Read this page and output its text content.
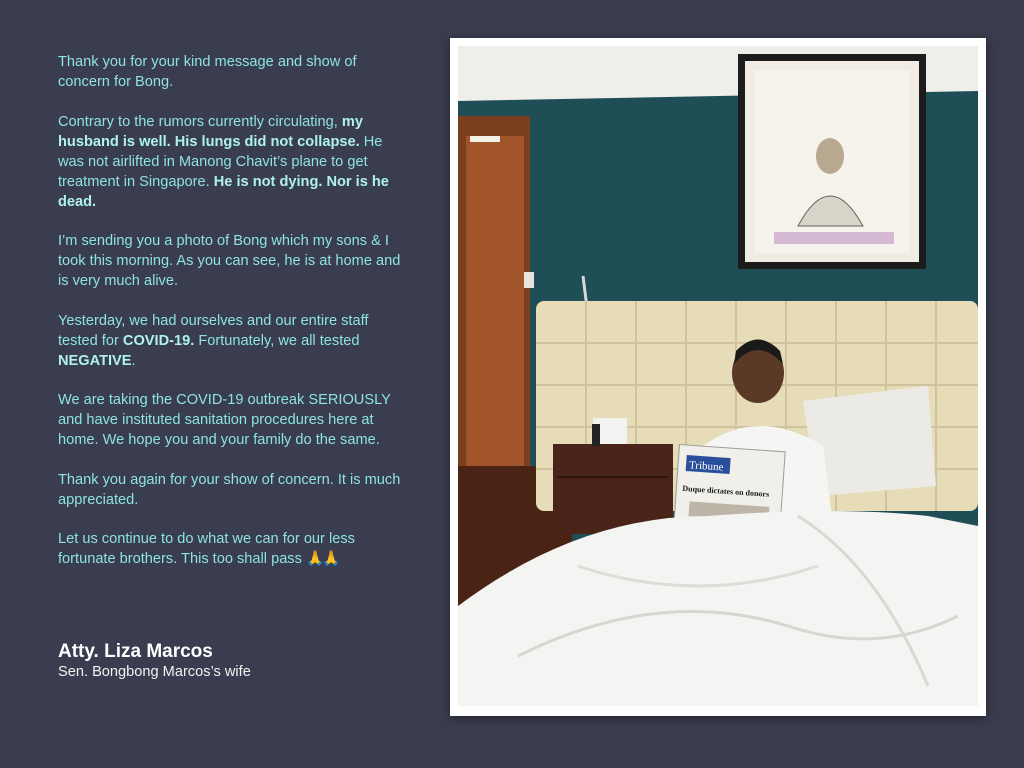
Thank you for your kind message and show of concern for Bong.

Contrary to the rumors currently circulating, my husband is well. His lungs did not collapse. He was not airlifted in Manong Chavit’s plane to get treatment in Singapore. He is not dying. Nor is he dead.

I’m sending you a photo of Bong which my sons & I took this morning. As you can see, he is at home and is very much alive.

Yesterday, we had ourselves and our entire staff tested for COVID-19. Fortunately, we all tested NEGATIVE.

We are taking the COVID-19 outbreak SERIOUSLY and have instituted sanitation procedures here at home. We hope you and your family do the same.

Thank you again for your show of concern. It is much appreciated.

Let us continue to do what we can for our less fortunate brothers. This too shall pass 🙏🙏

Atty. Liza Marcos
Sen. Bongbong Marcos’s wife
Tribune
Duque dictates on donors
